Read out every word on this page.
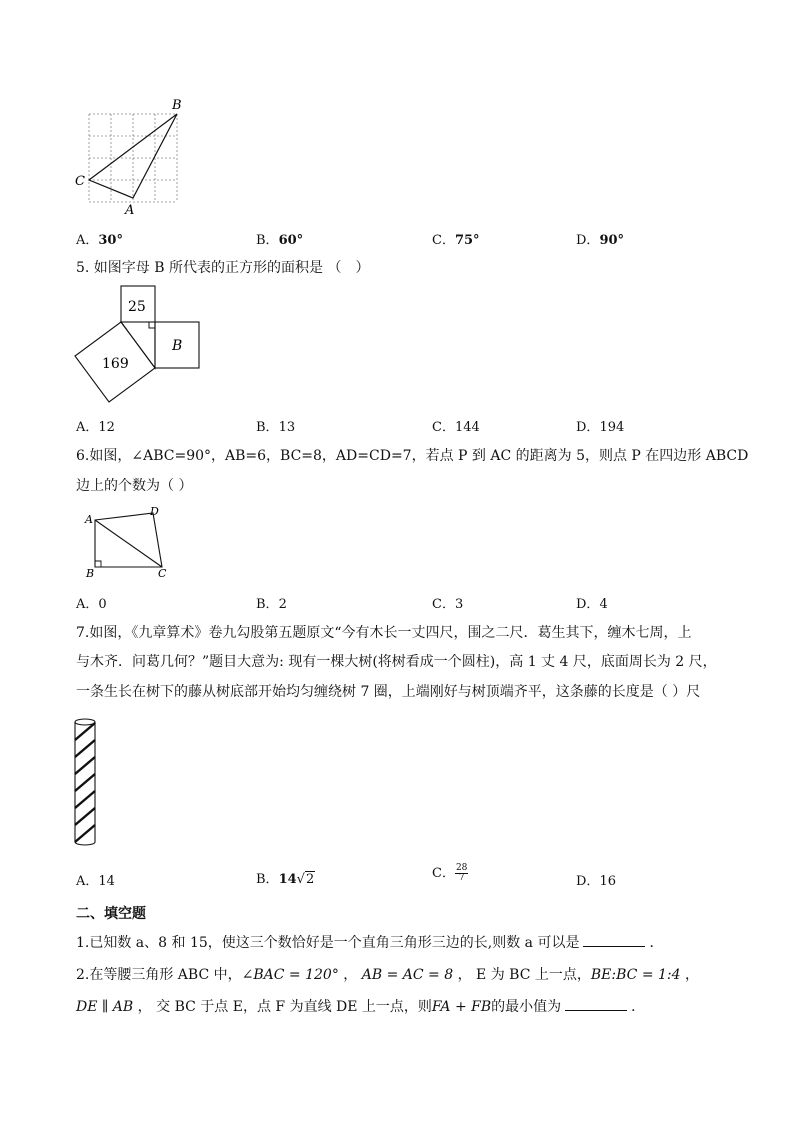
B
C
A
A．30°	B．60°	C．75°	D．90°
5. 如图字母 B 所代表的正方形的面积是 （　）
25
169
B
A．12	B．13	C．144	D．194
6.如图，∠ABC=90°，AB=6，BC=8，AD=CD=7，若点 P 到 AC 的距离为 5，则点 P 在四边形 ABCD
边上的个数为（ ）
A
D
B	C
A．0	B．2	C．3	D．4
7.如图，《九章算术》卷九勾股第五题原文“今有木长一丈四尺，围之二尺．葛生其下，缠木七周，上
与木齐．问葛几何？”题目大意为: 现有一棵大树(将树看成一个圆柱)，高 1 丈 4 尺，底面周长为 2 尺，
一条生长在树下的藤从树底部开始均匀缠绕树 7 圈，上端刚好与树顶端齐平，这条藤的长度是（ ）尺
A．14	B．14√2	C． $\frac{28}{7}$	D．16
二、填空题
1.已知数 a、8 和 15，使这三个数恰好是一个直角三角形三边的长,则数 a 可以是	．
2.在等腰三角形 ABC 中，∠BAC = 120° ， AB = AC = 8 ， E 为 BC 上一点，BE:BC = 1:4 ，
DE ∥ AB ， 交 BC 于点 E，点 F 为直线 DE 上一点，则FA + FB的最小值为	．
